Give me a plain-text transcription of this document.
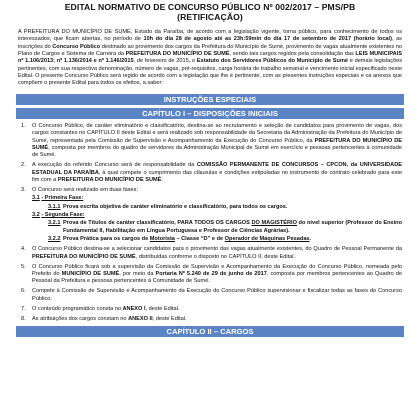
EDITAL NORMATIVO DE CONCURSO PÚBLICO Nº 002/2017 – PMS/PB
(RETIFICAÇÃO)

A PREFEITURA DO MUNICÍPIO DE SUMÉ, Estado da Paraíba, de acordo com a legislação vigente, torna público, para conhecimento de todos os interessados, que ficam abertas, no período de 10h do dia 28 de agosto até as 23h:59min do dia 17 de setembro de 2017 (horário local), as inscrições do Concurso Público destinado ao provimento dos cargos da Prefeitura do Município de Sumé, provimento de vagas atualmente existentes no Plano de Cargos e Sistema de Carreira da PREFEITURA DO MUNICÍPIO DE SUMÉ, sendo tais cargos regidos pela consolidação das LEIS MUNICIPAIS nº 1.106/2013; nº 1.136/2014 e nº 1.146/2015, de fevereiro de 2015, o Estatuto dos Servidores Públicos do Município de Sumé e demais legislações pertinentes, com sua respectiva denominação, número de vagas, pré-requisitos, carga horária de trabalho semanal e vencimento inicial especificado neste Edital. O presente Concurso Público será regido de acordo com a legislação que lhe é pertinente, com as presentes instruções especiais e os anexos que compõem o presente Edital para todos os efeitos, a saber:

INSTRUÇÕES ESPECIAIS
CAPÍTULO I – DISPOSIÇÕES INICIAIS
1. O Concurso Público, de caráter eliminatório e classificatório, destina-se ao recrutamento e seleção de candidatos para provimento de vagas, dos cargos constantes no CAPÍTULO II deste Edital e será realizado sob responsabilidade da Secretaria da Administração da Prefeitura do Município de Sumé, representada pela Comissão de Supervisão e Acompanhamento da Execução do Concurso Público, da PREFEITURA DO MUNICÍPIO DE SUMÉ, composta por membros do quadro de servidores da Administração Municipal de Sumé em exercício e pessoas pertencentes à comunidade de Sumé.
2. A execução do referido Concurso será de responsabilidade da COMISSÃO PERMANENTE DE CONCURSOS – CPCON, da UNIVERSIDADE ESTADUAL DA PARAÍBA, à qual compete o cumprimento das cláusulas e condições estipuladas no instrumento de contrato celebrado para este fim com a PREFEITURA DO MUNICÍPIO DE SUMÉ.
3. O Concurso será realizado em duas fases:
3.1 - Primeira Fase:
3.1.1 Prova escrita objetiva de caráter eliminatório e classificatório, para todos os cargos.
3.2 - Segunda Fase:
3.2.1 Prova de Títulos de caráter classificatório, PARA TODOS OS CARGOS DO MAGISTÉRIO do nível superior (Professor do Ensino Fundamental II, Habilitação em Língua Portuguesa e Professor de Ciências Agrárias).
3.2.2 Prova Prática para os cargos de Motorista – Classe “D” e de Operador de Máquinas Pesadas.
4. O Concurso Público destina-se a selecionar candidatos para o provimento das vagas atualmente existentes, do Quadro de Pessoal Permanente da PREFEITURA DO MUNICÍPIO DE SUMÉ, distribuídas conforme o disposto no CAPÍTULO II, deste Edital.
5. O Concurso Público ficará sob a supervisão da Comissão de Supervisão e Acompanhamento da Execução do Concurso Público, nomeada pelo Prefeito do MUNICÍPIO DE SUMÉ, por meio da Portaria Nº 5.240 de 29 de junho de 2017, composta por membros pertencentes ao Quadro de Pessoal da Prefeitura e pessoas pertencentes à Comunidade de Sumé.
6. Compete à Comissão de Supervisão e Acompanhamento da Execução do Concurso Público supervisionar e fiscalizar todas as fases do Concurso Público.
7. O conteúdo programático consta no ANEXO I, deste Edital.
8. As atribuições dos cargos constam no ANEXO II, deste Edital.
CAPÍTULO II – CARGOS
